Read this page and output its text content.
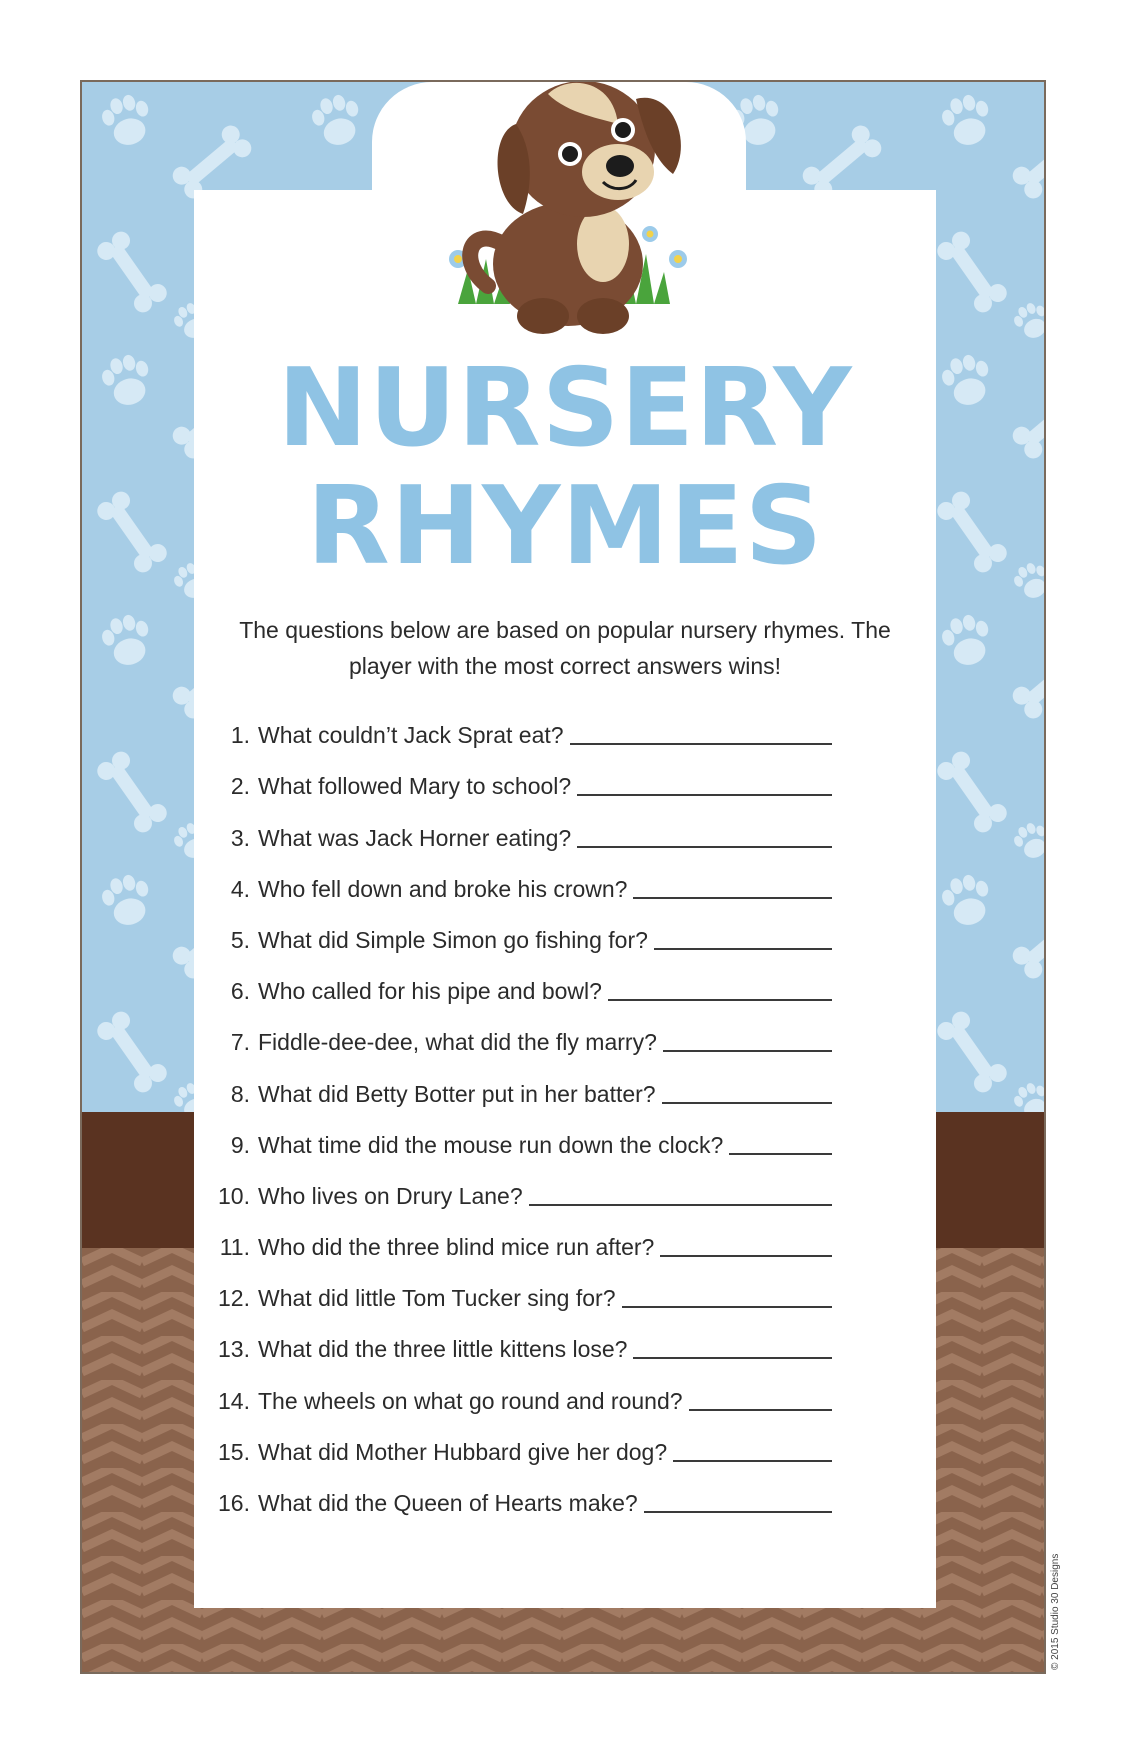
NURSERY
RHYMES
The questions below are based on popular nursery rhymes. The player with the most correct answers wins!
1. What couldn’t Jack Sprat eat?
2. What followed Mary to school?
3. What was Jack Horner eating?
4. Who fell down and broke his crown?
5. What did Simple Simon go fishing for?
6. Who called for his pipe and bowl?
7. Fiddle-dee-dee, what did the fly marry?
8. What did Betty Botter put in her batter?
9. What time did the mouse run down the clock?
10. Who lives on Drury Lane?
11. Who did the three blind mice run after?
12. What did little Tom Tucker sing for?
13. What did the three little kittens lose?
14. The wheels on what go round and round?
15. What did Mother Hubbard give her dog?
16. What did the Queen of Hearts make?
© 2015 Studio 30 Designs
